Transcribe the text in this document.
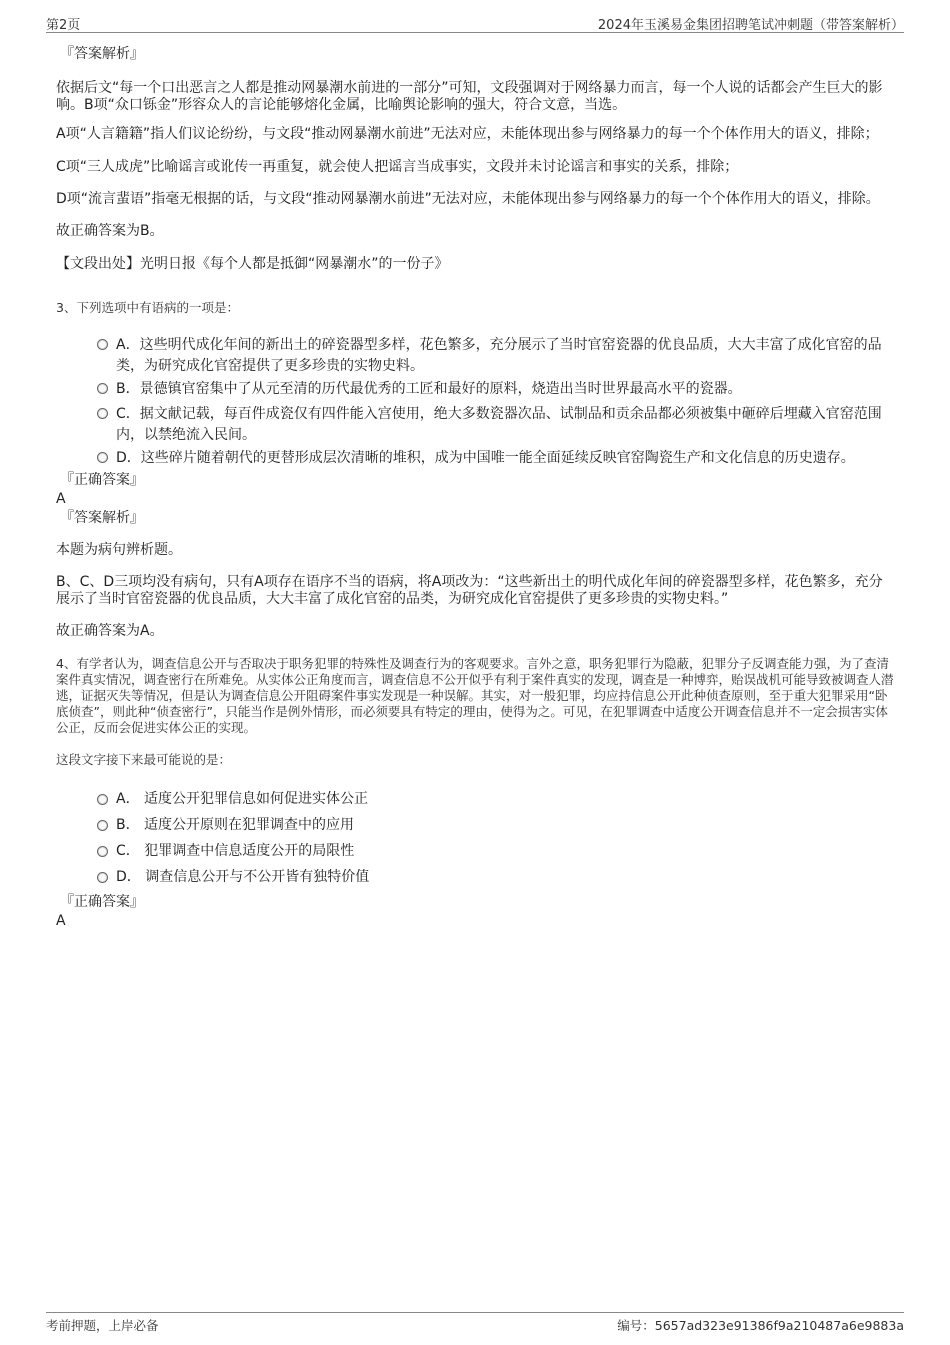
第2页	2024年玉溪易金集团招聘笔试冲刺题（带答案解析）

『答案解析』

依据后文“每一个口出恶言之人都是推动网暴潮水前进的一部分”可知，文段强调对于网络暴力而言，每一个人说的话都会产生巨大的影响。B项“众口铄金”形容众人的言论能够熔化金属，比喻舆论影响的强大，符合文意，当选。

A项“人言籍籍”指人们议论纷纷，与文段“推动网暴潮水前进”无法对应，未能体现出参与网络暴力的每一个个体作用大的语义，排除；

C项“三人成虎”比喻谣言或讹传一再重复，就会使人把谣言当成事实，文段并未讨论谣言和事实的关系，排除；

D项“流言蜚语”指毫无根据的话，与文段“推动网暴潮水前进”无法对应，未能体现出参与网络暴力的每一个个体作用大的语义，排除。

故正确答案为B。

【文段出处】光明日报《每个人都是抵御“网暴潮水”的一份子》

3、下列选项中有语病的一项是：

A．这些明代成化年间的新出土的碎瓷器型多样，花色繁多，充分展示了当时官窑瓷器的优良品质，大大丰富了成化官窑的品类，为研究成化官窑提供了更多珍贵的实物史料。

B．景德镇官窑集中了从元至清的历代最优秀的工匠和最好的原料，烧造出当时世界最高水平的瓷器。

C．据文献记载，每百件成瓷仅有四件能入宫使用，绝大多数瓷器次品、试制品和贡余品都必须被集中砸碎后埋藏入官窑范围内，以禁绝流入民间。

D．这些碎片随着朝代的更替形成层次清晰的堆积，成为中国唯一能全面延续反映官窑陶瓷生产和文化信息的历史遗存。

『正确答案』

A

『答案解析』

本题为病句辨析题。

B、C、D三项均没有病句，只有A项存在语序不当的语病，将A项改为：“这些新出土的明代成化年间的碎瓷器型多样，花色繁多，充分展示了当时官窑瓷器的优良品质，大大丰富了成化官窑的品类，为研究成化官窑提供了更多珍贵的实物史料。”

故正确答案为A。

4、有学者认为，调查信息公开与否取决于职务犯罪的特殊性及调查行为的客观要求。言外之意，职务犯罪行为隐蔽，犯罪分子反调查能力强，为了查清案件真实情况，调查密行在所难免。从实体公正角度而言，调查信息不公开似乎有利于案件真实的发现，调查是一种博弈，贻误战机可能导致被调查人潜逃，证据灭失等情况，但是认为调查信息公开阻碍案件事实发现是一种误解。其实，对一般犯罪，均应持信息公开此种侦查原则，至于重大犯罪采用“卧底侦查”，则此种“侦查密行”，只能当作是例外情形，而必须要具有特定的理由，使得为之。可见，在犯罪调查中适度公开调查信息并不一定会损害实体公正，反而会促进实体公正的实现。

这段文字接下来最可能说的是：

A． 适度公开犯罪信息如何促进实体公正

B． 适度公开原则在犯罪调查中的应用

C． 犯罪调查中信息适度公开的局限性

D． 调查信息公开与不公开皆有独特价值

『正确答案』

A

考前押题，上岸必备	编号：5657ad323e91386f9a210487a6e9883a
